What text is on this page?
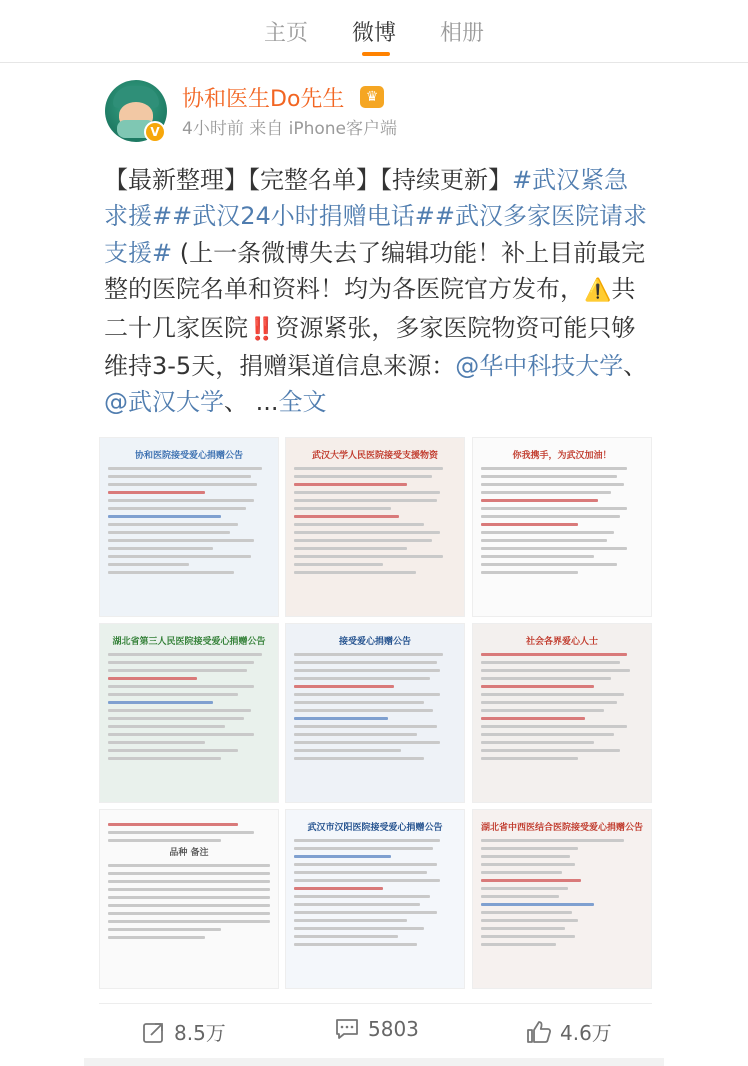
主页 微博 相册
V
协和医生Do先生	♛
4小时前 来自 iPhone客户端
【最新整理】【完整名单】【持续更新】#武汉紧急求援##武汉24小时捐赠电话##武汉多家医院请求支援# (上一条微博失去了编辑功能！补上目前最完整的医院名单和资料！均为各医院官方发布，⚠️共二十几家医院‼️资源紧张，多家医院物资可能只够维持3-5天，捐赠渠道信息来源：@华中科技大学、@武汉大学、 ...全文
协和医院接受爱心捐赠公告	武汉大学人民医院接受支援物资	你我携手，为武汉加油！
湖北省第三人民医院接受爱心捐赠公告	接受爱心捐赠公告	社会各界爱心人士
品种 备注
武汉市汉阳医院接受爱心捐赠公告	湖北省中西医结合医院接受爱心捐赠公告
8.5万	5803	4.6万
